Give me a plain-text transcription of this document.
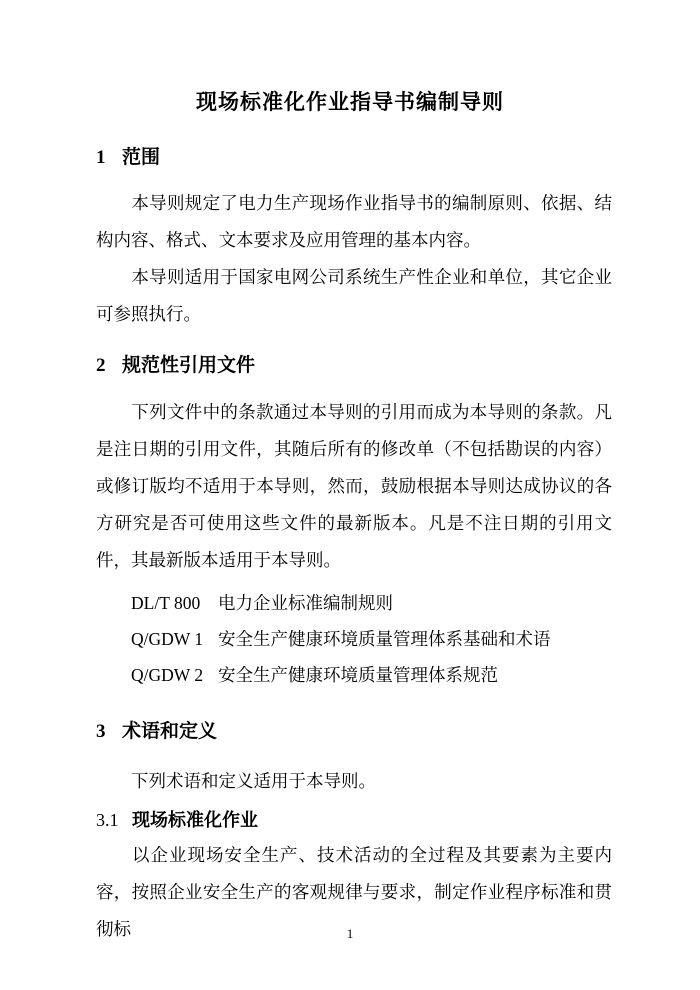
现场标准化作业指导书编制导则
1 范围

本导则规定了电力生产现场作业指导书的编制原则、依据、结构内容、格式、文本要求及应用管理的基本内容。

本导则适用于国家电网公司系统生产性企业和单位，其它企业可参照执行。

2 规范性引用文件

下列文件中的条款通过本导则的引用而成为本导则的条款。凡是注日期的引用文件，其随后所有的修改单（不包括勘误的内容）或修订版均不适用于本导则，然而，鼓励根据本导则达成协议的各方研究是否可使用这些文件的最新版本。凡是不注日期的引用文件，其最新版本适用于本导则。

DL/T 800 电力企业标准编制规则
Q/GDW 1 安全生产健康环境质量管理体系基础和术语
Q/GDW 2 安全生产健康环境质量管理体系规范
3 术语和定义

下列术语和定义适用于本导则。

3.1 现场标准化作业

以企业现场安全生产、技术活动的全过程及其要素为主要内容，按照企业安全生产的客观规律与要求，制定作业程序标准和贯彻标	1
